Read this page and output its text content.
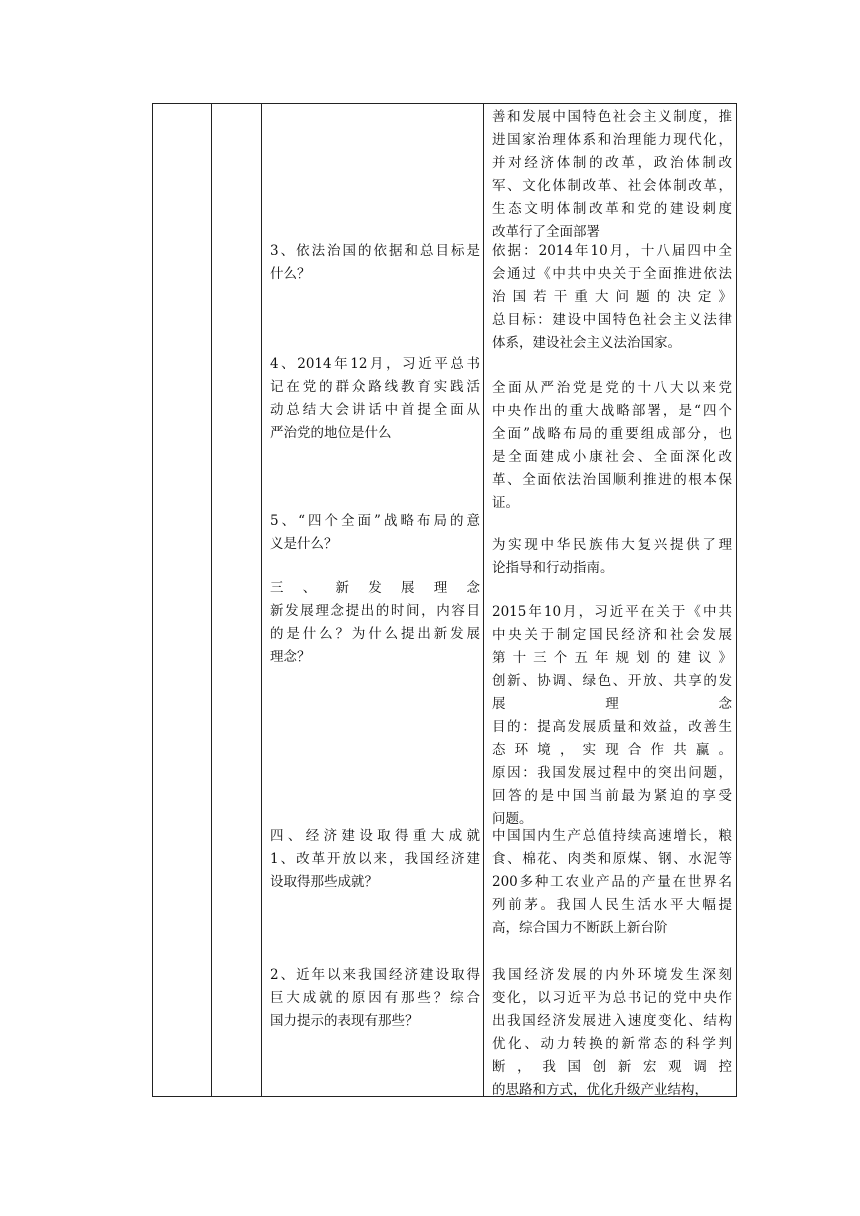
3、依法治国的依据和总目标是
什么？
4、2014年12月，习近平总书
记在党的群众路线教育实践活
动总结大会讲话中首提全面从
严治党的地位是什么
5、“四个全面”战略布局的意
义是什么？
三、新发展理念
新发展理念提出的时间，内容目
的是什么？为什么提出新发展
理念？
四、经济建设取得重大成就
1、改革开放以来，我国经济建
设取得那些成就？
2、近年以来我国经济建设取得
巨大成就的原因有那些？综合
国力提示的表现有那些？
善和发展中国特色社会主义制度，推
进国家治理体系和治理能力现代化，
并对经济体制的改革，政治体制改
军、文化体制改革、社会体制改革，
生态文明体制改革和党的建设刺度
改革行了全面部署
依据：2014年10月，十八届四中全
会通过《中共中央关于全面推进依法
治国若干重大问题的决定》
总目标：建设中国特色社会主义法律
体系，建设社会主义法治国家。
全面从严治党是党的十八大以来党
中央作出的重大战略部署，是“四个
全面”战略布局的重要组成部分，也
是全面建成小康社会、全面深化改
革、全面依法治国顺利推进的根本保
证。
为实现中华民族伟大复兴提供了理
论指导和行动指南。
2015年10月，习近平在关于《中共
中央关于制定国民经济和社会发展
第十三个五年规划的建议》
创新、协调、绿色、开放、共享的发
展理念
目的：提高发展质量和效益，改善生
态环境，实现合作共赢。
原因：我国发展过程中的突出问题，
回答的是中国当前最为紧迫的享受
问题。
中国国内生产总值持续高速增长，粮
食、棉花、肉类和原煤、钢、水泥等
200多种工农业产品的产量在世界名
列前茅。我国人民生活水平大幅提
高，综合国力不断跃上新台阶
我国经济发展的内外环境发生深刻
变化，以习近平为总书记的党中央作
出我国经济发展进入速度变化、结构
优化、动力转换的新常态的科学判
断，我国创新宏观调控
的思路和方式，优化升级产业结构，
